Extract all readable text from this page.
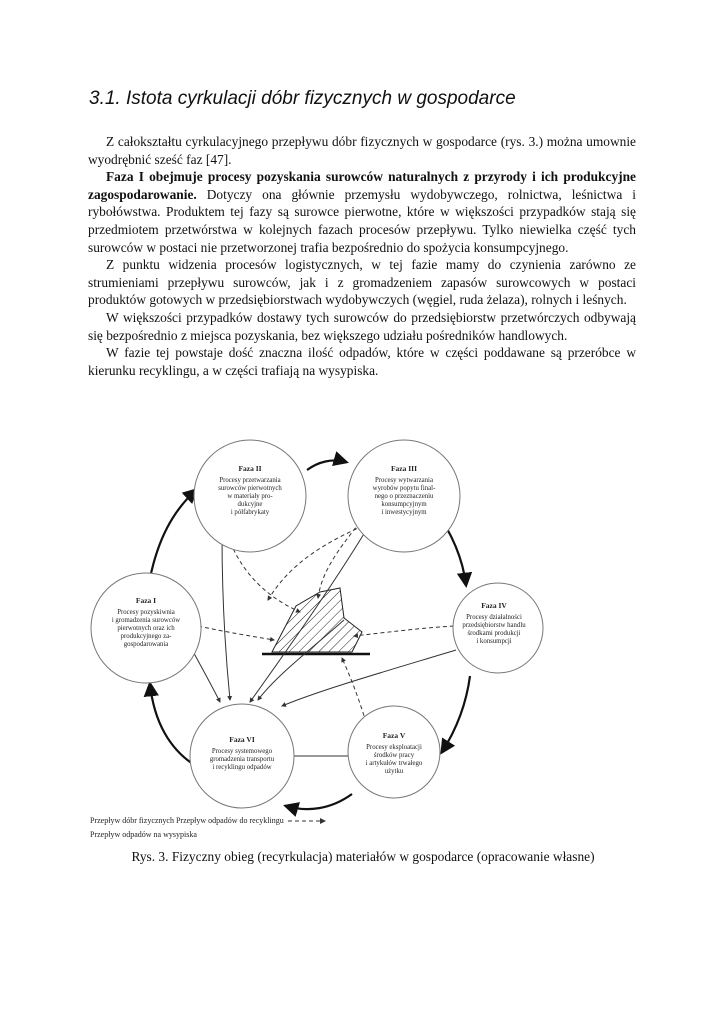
3.1. Istota cyrkulacji dóbr fizycznych w gospodarce

Z całokształtu cyrkulacyjnego przepływu dóbr fizycznych w gospodarce (rys. 3.) można umownie wyodrębnić sześć faz [47].

Faza I obejmuje procesy pozyskania surowców naturalnych z przyrody i ich produkcyjne zagospodarowanie. Dotyczy ona głównie przemysłu wydobywczego, rolnictwa, leśnictwa i rybołówstwa. Produktem tej fazy są surowce pierwotne, które w większości przypadków stają się przedmiotem przetwórstwa w kolejnych fazach procesów przepływu. Tylko niewielka część tych surowców w postaci nie przetworzonej trafia bezpośrednio do spożycia konsumpcyjnego.

Z punktu widzenia procesów logistycznych, w tej fazie mamy do czynienia zarówno ze strumieniami przepływu surowców, jak i z gromadzeniem zapasów surowcowych w postaci produktów gotowych w przedsiębiorstwach wydobywczych (węgiel, ruda żelaza), rolnych i leśnych.

W większości przypadków dostawy tych surowców do przedsiębiorstw przetwórczych odbywają się bezpośrednio z miejsca pozyskania, bez większego udziału pośredników handlowych.

W fazie tej powstaje dość znaczna ilość odpadów, które w części poddawane są przeróbce w kierunku recyklingu, a w części trafiają na wysypiska.

Faza II
Procesy przetwarzania
surowców pierwotnych
w materiały pro-
dukcyjne
i półfabrykaty
Faza III
Procesy wytwarzania
wyrobów popytu final-
nego o przeznaczeniu
konsumpcyjnym
i inwestycyjnym
Faza IV
Procesy działalności
przedsiębiorstw handlu
środkami produkcji
i konsumpcji
Faza V
Procesy eksploatacji
środków pracy
i artykułów trwałego
użytku
Faza VI
Procesy systemowego
gromadzenia transportu
i recyklingu odpadów
Faza I
Procesy pozyskiwnia
i gromadzenia surowców
pierwotnych oraz ich
produkcyjnego za-
gospodarowania
Przepływ dóbr fizycznych Przepływ odpadów do recyklingu
Przepływ odpadów na wysypiska
Rys. 3. Fizyczny obieg (recyrkulacja) materiałów w gospodarce (opracowanie własne)
